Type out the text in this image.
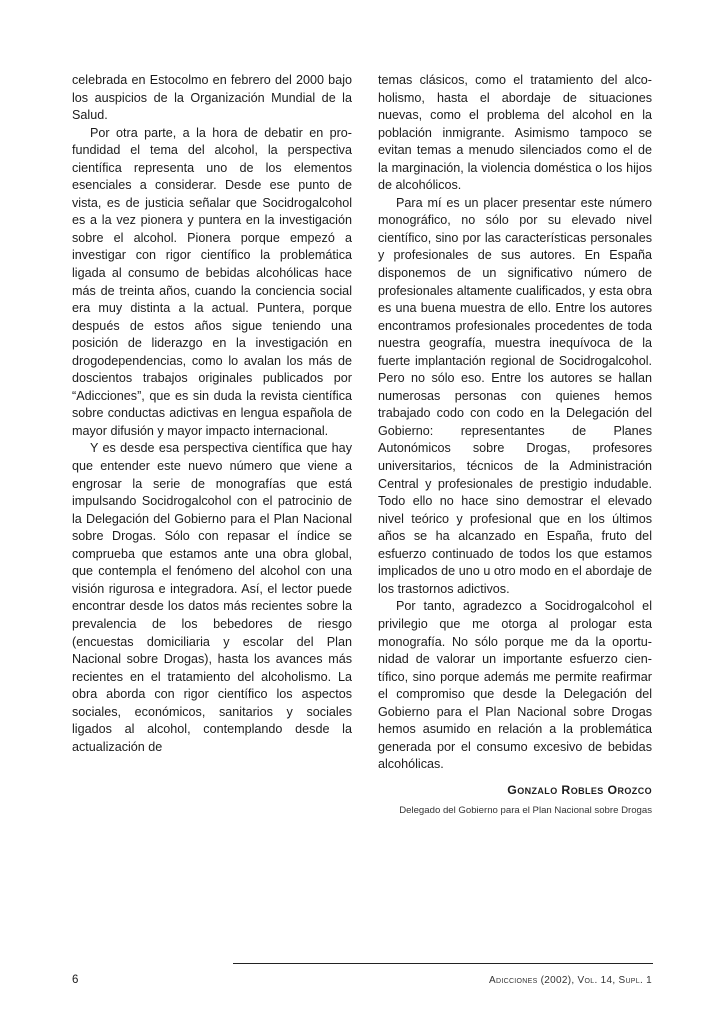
celebrada en Estocolmo en febrero del 2000 bajo los auspicios de la Organización Mundial de la Salud.

Por otra parte, a la hora de debatir en profundidad el tema del alcohol, la perspectiva científica representa uno de los elementos esenciales a considerar. Desde ese punto de vista, es de justicia señalar que Socidrogalcohol es a la vez pionera y puntera en la investigación sobre el alcohol. Pionera porque empezó a investigar con rigor científico la problemática ligada al consumo de bebidas alcohólicas hace más de treinta años, cuando la conciencia social era muy distinta a la actual. Puntera, porque después de estos años sigue teniendo una posición de liderazgo en la investigación en drogodependencias, como lo avalan los más de doscientos trabajos originales publicados por “Adicciones”, que es sin duda la revista científica sobre conductas adictivas en lengua española de mayor difusión y mayor impacto internacional.

Y es desde esa perspectiva científica que hay que entender este nuevo número que viene a engrosar la serie de monografías que está impulsando Socidrogalcohol con el patrocinio de la Delegación del Gobierno para el Plan Nacional sobre Drogas. Sólo con repasar el índice se comprueba que estamos ante una obra global, que contempla el fenómeno del alcohol con una visión rigurosa e integradora. Así, el lector puede encontrar desde los datos más recientes sobre la prevalencia de los bebedores de riesgo (encuestas domiciliaria y escolar del Plan Nacional sobre Drogas), hasta los avances más recientes en el tratamiento del alcoholismo. La obra aborda con rigor científico los aspectos sociales, económicos, sanitarios y sociales ligados al alcohol, contemplando desde la actualización de

temas clásicos, como el tratamiento del alcoholismo, hasta el abordaje de situaciones nuevas, como el problema del alcohol en la población inmigrante. Asimismo tampoco se evitan temas a menudo silenciados como el de la marginación, la violencia doméstica o los hijos de alcohólicos.

Para mí es un placer presentar este número monográfico, no sólo por su elevado nivel científico, sino por las características personales y profesionales de sus autores. En España disponemos de un significativo número de profesionales altamente cualificados, y esta obra es una buena muestra de ello. Entre los autores encontramos profesionales procedentes de toda nuestra geografía, muestra inequívoca de la fuerte implantación regional de Socidrogalcohol. Pero no sólo eso. Entre los autores se hallan numerosas personas con quienes hemos trabajado codo con codo en la Delegación del Gobierno: representantes de Planes Autonómicos sobre Drogas, profesores universitarios, técnicos de la Administración Central y profesionales de prestigio indudable. Todo ello no hace sino demostrar el elevado nivel teórico y profesional que en los últimos años se ha alcanzado en España, fruto del esfuerzo continuado de todos los que estamos implicados de uno u otro modo en el abordaje de los trastornos adictivos.

Por tanto, agradezco a Socidrogalcohol el privilegio que me otorga al prologar esta monografía. No sólo porque me da la oportunidad de valorar un importante esfuerzo científico, sino porque además me permite reafirmar el compromiso que desde la Delegación del Gobierno para el Plan Nacional sobre Drogas hemos asumido en relación a la problemática generada por el consumo excesivo de bebidas alcohólicas.

Gonzalo Robles Orozco
Delegado del Gobierno para el Plan Nacional sobre Drogas
6	Adicciones (2002), Vol. 14, Supl. 1
